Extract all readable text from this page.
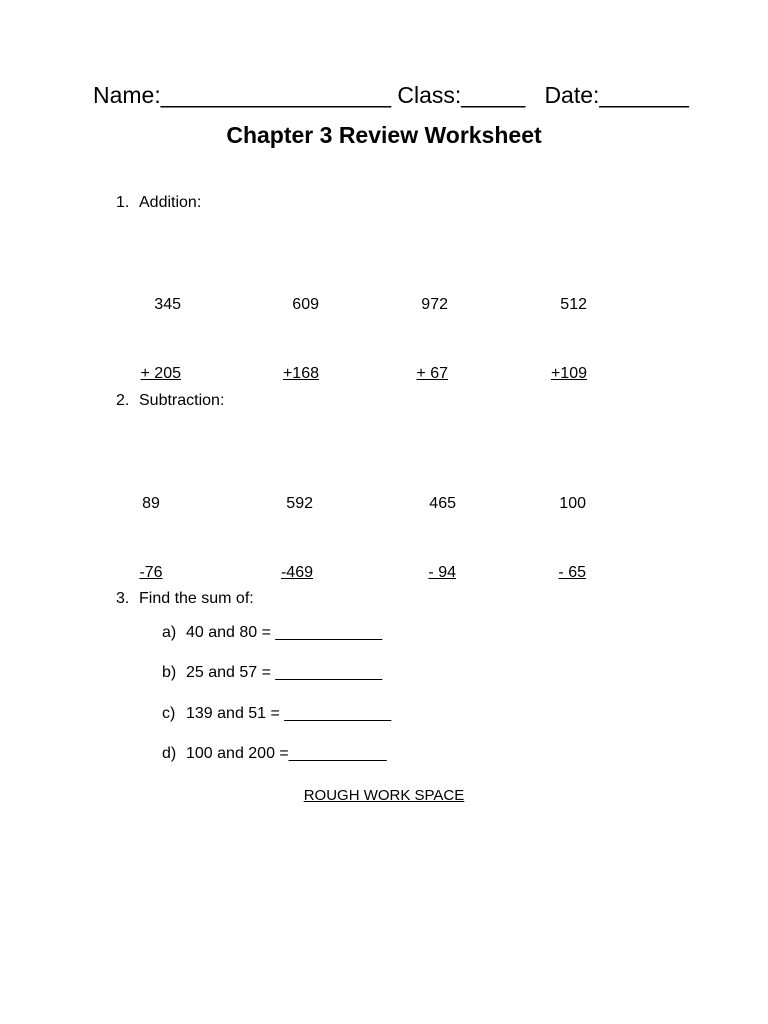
Name:__________________ Class:_____ Date:_______
Chapter 3 Review Worksheet
1. Addition:

345

+ 205

609

+168

972

+ 67

512

+109

2. Subtraction:

89

-76

592

-469

465

- 94

100

- 65

3. Find the sum of:
a) 40 and 80 = ____________
b) 25 and 57 = ____________
c) 139 and 51 = ____________
d) 100 and 200 =___________
ROUGH WORK SPACE
